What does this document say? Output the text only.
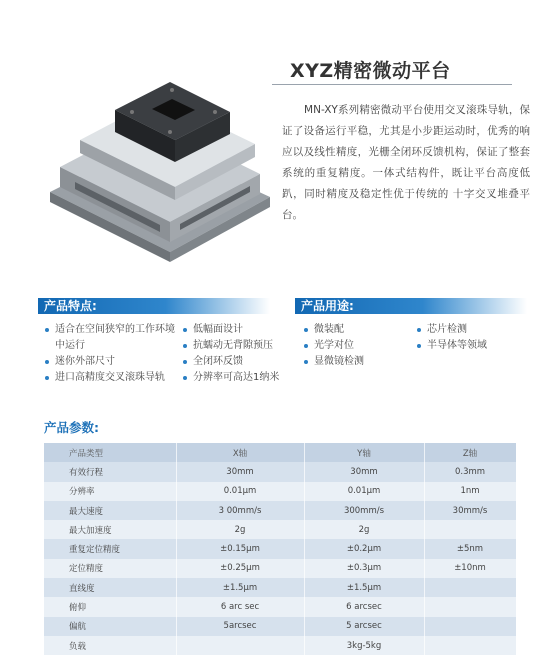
XYZ精密微动平台
MN-XY系列精密微动平台使用交叉滚珠导轨，保证了设备运行平稳，尤其是小步距运动时，优秀的响应以及线性精度，光栅全闭环反馈机构，保证了整套系统的重复精度。一体式结构件，既让平台高度低趴，同时精度及稳定性优于传统的 十字交叉堆叠平台。
产品特点:
适合在空间狭窄的工作环境
中运行
迷你外部尺寸
进口高精度交叉滚珠导轨
低幅面设计
抗蠕动无背隙预压
全闭环反馈
分辨率可高达1纳米
产品用途:
微装配
光学对位
显微镜检测
芯片检测
半导体等领域
产品参数:
产品类型	X轴	Y轴	Z轴
有效行程	30mm	30mm	0.3mm
分辨率	0.01μm	0.01μm	1nm
最大速度	3 00mm/s	300mm/s	30mm/s
最大加速度	2g	2g	
重复定位精度	±0.15μm	±0.2μm	±5nm
定位精度	±0.25μm	±0.3μm	±10nm
直线度	±1.5μm	±1.5μm	
俯仰	6 arc sec	6 arcsec	
偏航	5arcsec	5 arcsec	
负载		3kg-5kg	
